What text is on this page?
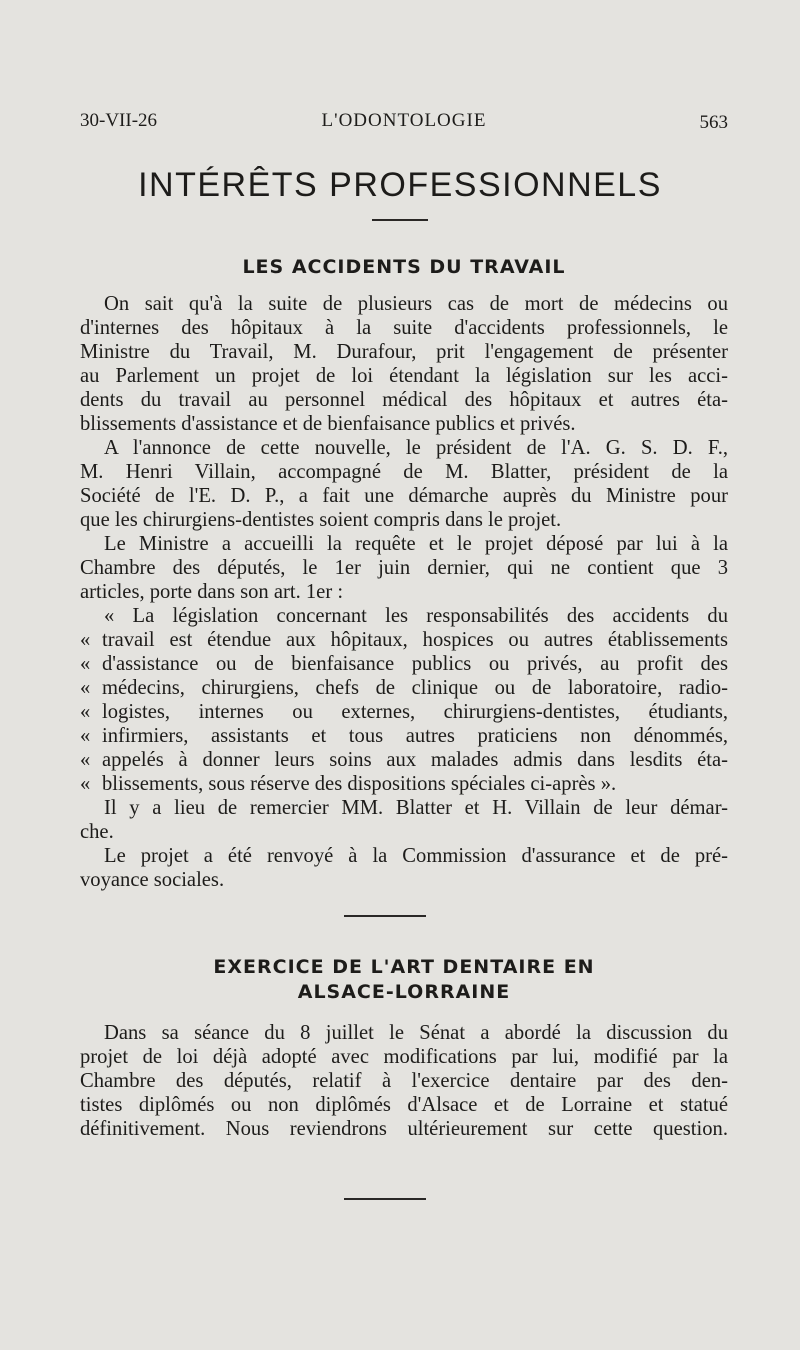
30-VII-26	L'ODONTOLOGIE	563
INTÉRÊTS PROFESSIONNELS
LES ACCIDENTS DU TRAVAIL

On sait qu'à la suite de plusieurs cas de mort de médecins ou

d'internes des hôpitaux à la suite d'accidents professionnels, le

Ministre du Travail, M. Durafour, prit l'engagement de présenter

au Parlement un projet de loi étendant la législation sur les acci-

dents du travail au personnel médical des hôpitaux et autres éta-

blissements d'assistance et de bienfaisance publics et privés.

A l'annonce de cette nouvelle, le président de l'A. G. S. D. F.,

M. Henri Villain, accompagné de M. Blatter, président de la

Société de l'E. D. P., a fait une démarche auprès du Ministre pour

que les chirurgiens-dentistes soient compris dans le projet.

Le Ministre a accueilli la requête et le projet déposé par lui à la

Chambre des députés, le 1er juin dernier, qui ne contient que 3

articles, porte dans son art. 1er :

« La législation concernant les responsabilités des accidents du

« travail est étendue aux hôpitaux, hospices ou autres établissements

« d'assistance ou de bienfaisance publics ou privés, au profit des

« médecins, chirurgiens, chefs de clinique ou de laboratoire, radio-

« logistes, internes ou externes, chirurgiens-dentistes, étudiants,

« infirmiers, assistants et tous autres praticiens non dénommés,

« appelés à donner leurs soins aux malades admis dans lesdits éta-

« blissements, sous réserve des dispositions spéciales ci-après ».

Il y a lieu de remercier MM. Blatter et H. Villain de leur démar-

che.

Le projet a été renvoyé à la Commission d'assurance et de pré-

voyance sociales.

EXERCICE DE L'ART DENTAIRE EN
ALSACE-LORRAINE

Dans sa séance du 8 juillet le Sénat a abordé la discussion du

projet de loi déjà adopté avec modifications par lui, modifié par la

Chambre des députés, relatif à l'exercice dentaire par des den-

tistes diplômés ou non diplômés d'Alsace et de Lorraine et statué

définitivement. Nous reviendrons ultérieurement sur cette question.
